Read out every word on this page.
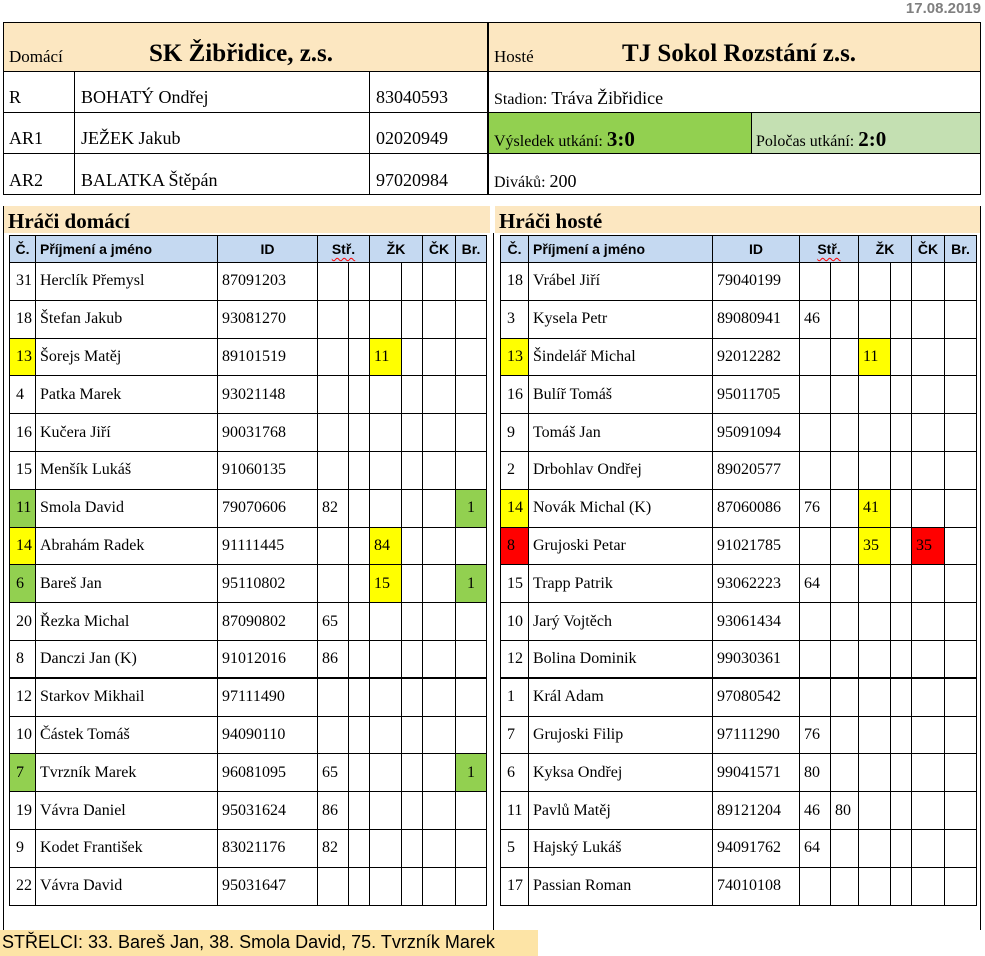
17.08.2019
Domácí	SK Žibřidice, z.s.
R	BOHATÝ Ondřej	83040593
AR1 JEŽEK Jakub	02020949
AR2 BALATKA Štěpán	97020984
Hosté	TJ Sokol Rozstání z.s.
Stadion: Tráva Žibřidice
Výsledek utkání: 3:0	Poločas utkání: 2:0
Diváků: 200
Hráči domácí	Hráči hosté
Č.	Příjmení a jméno	ID	Stř.		ŽK		ČK	Br.
31	Herclík Přemysl	87091203						
18	Štefan Jakub	93081270						
13	Šorejs Matěj	89101519			11			
4	Patka Marek	93021148						
16	Kučera Jiří	90031768						
15	Menšík Lukáš	91060135						
11	Smola David	79070606	82					1
14	Abrahám Radek	91111445			84			
6	Bareš Jan	95110802			15			1
20	Řezka Michal	87090802	65					
8	Danczi Jan (K)	91012016	86					
12	Starkov Mikhail	97111490						
10	Částek Tomáš	94090110						
7	Tvrzník Marek	96081095	65					1
19	Vávra Daniel	95031624	86					
9	Kodet František	83021176	82					
22	Vávra David	95031647						
Č.	Příjmení a jméno	ID	Stř.		ŽK		ČK	Br.
18	Vrábel Jiří	79040199						
3	Kysela Petr	89080941	46					
13	Šindelář Michal	92012282			11			
16	Bulíř Tomáš	95011705						
9	Tomáš Jan	95091094						
2	Drbohlav Ondřej	89020577						
14	Novák Michal (K)	87060086	76		41			
8	Grujoski Petar	91021785			35		35	
15	Trapp Patrik	93062223	64					
10	Jarý Vojtěch	93061434						
12	Bolina Dominik	99030361						
1	Král Adam	97080542						
7	Grujoski Filip	97111290	76					
6	Kyksa Ondřej	99041571	80					
11	Pavlů Matěj	89121204	46	80				
5	Hajský Lukáš	94091762	64					
17	Passian Roman	74010108						
STŘELCI: 33. Bareš Jan, 38. Smola David, 75. Tvrzník Marek
